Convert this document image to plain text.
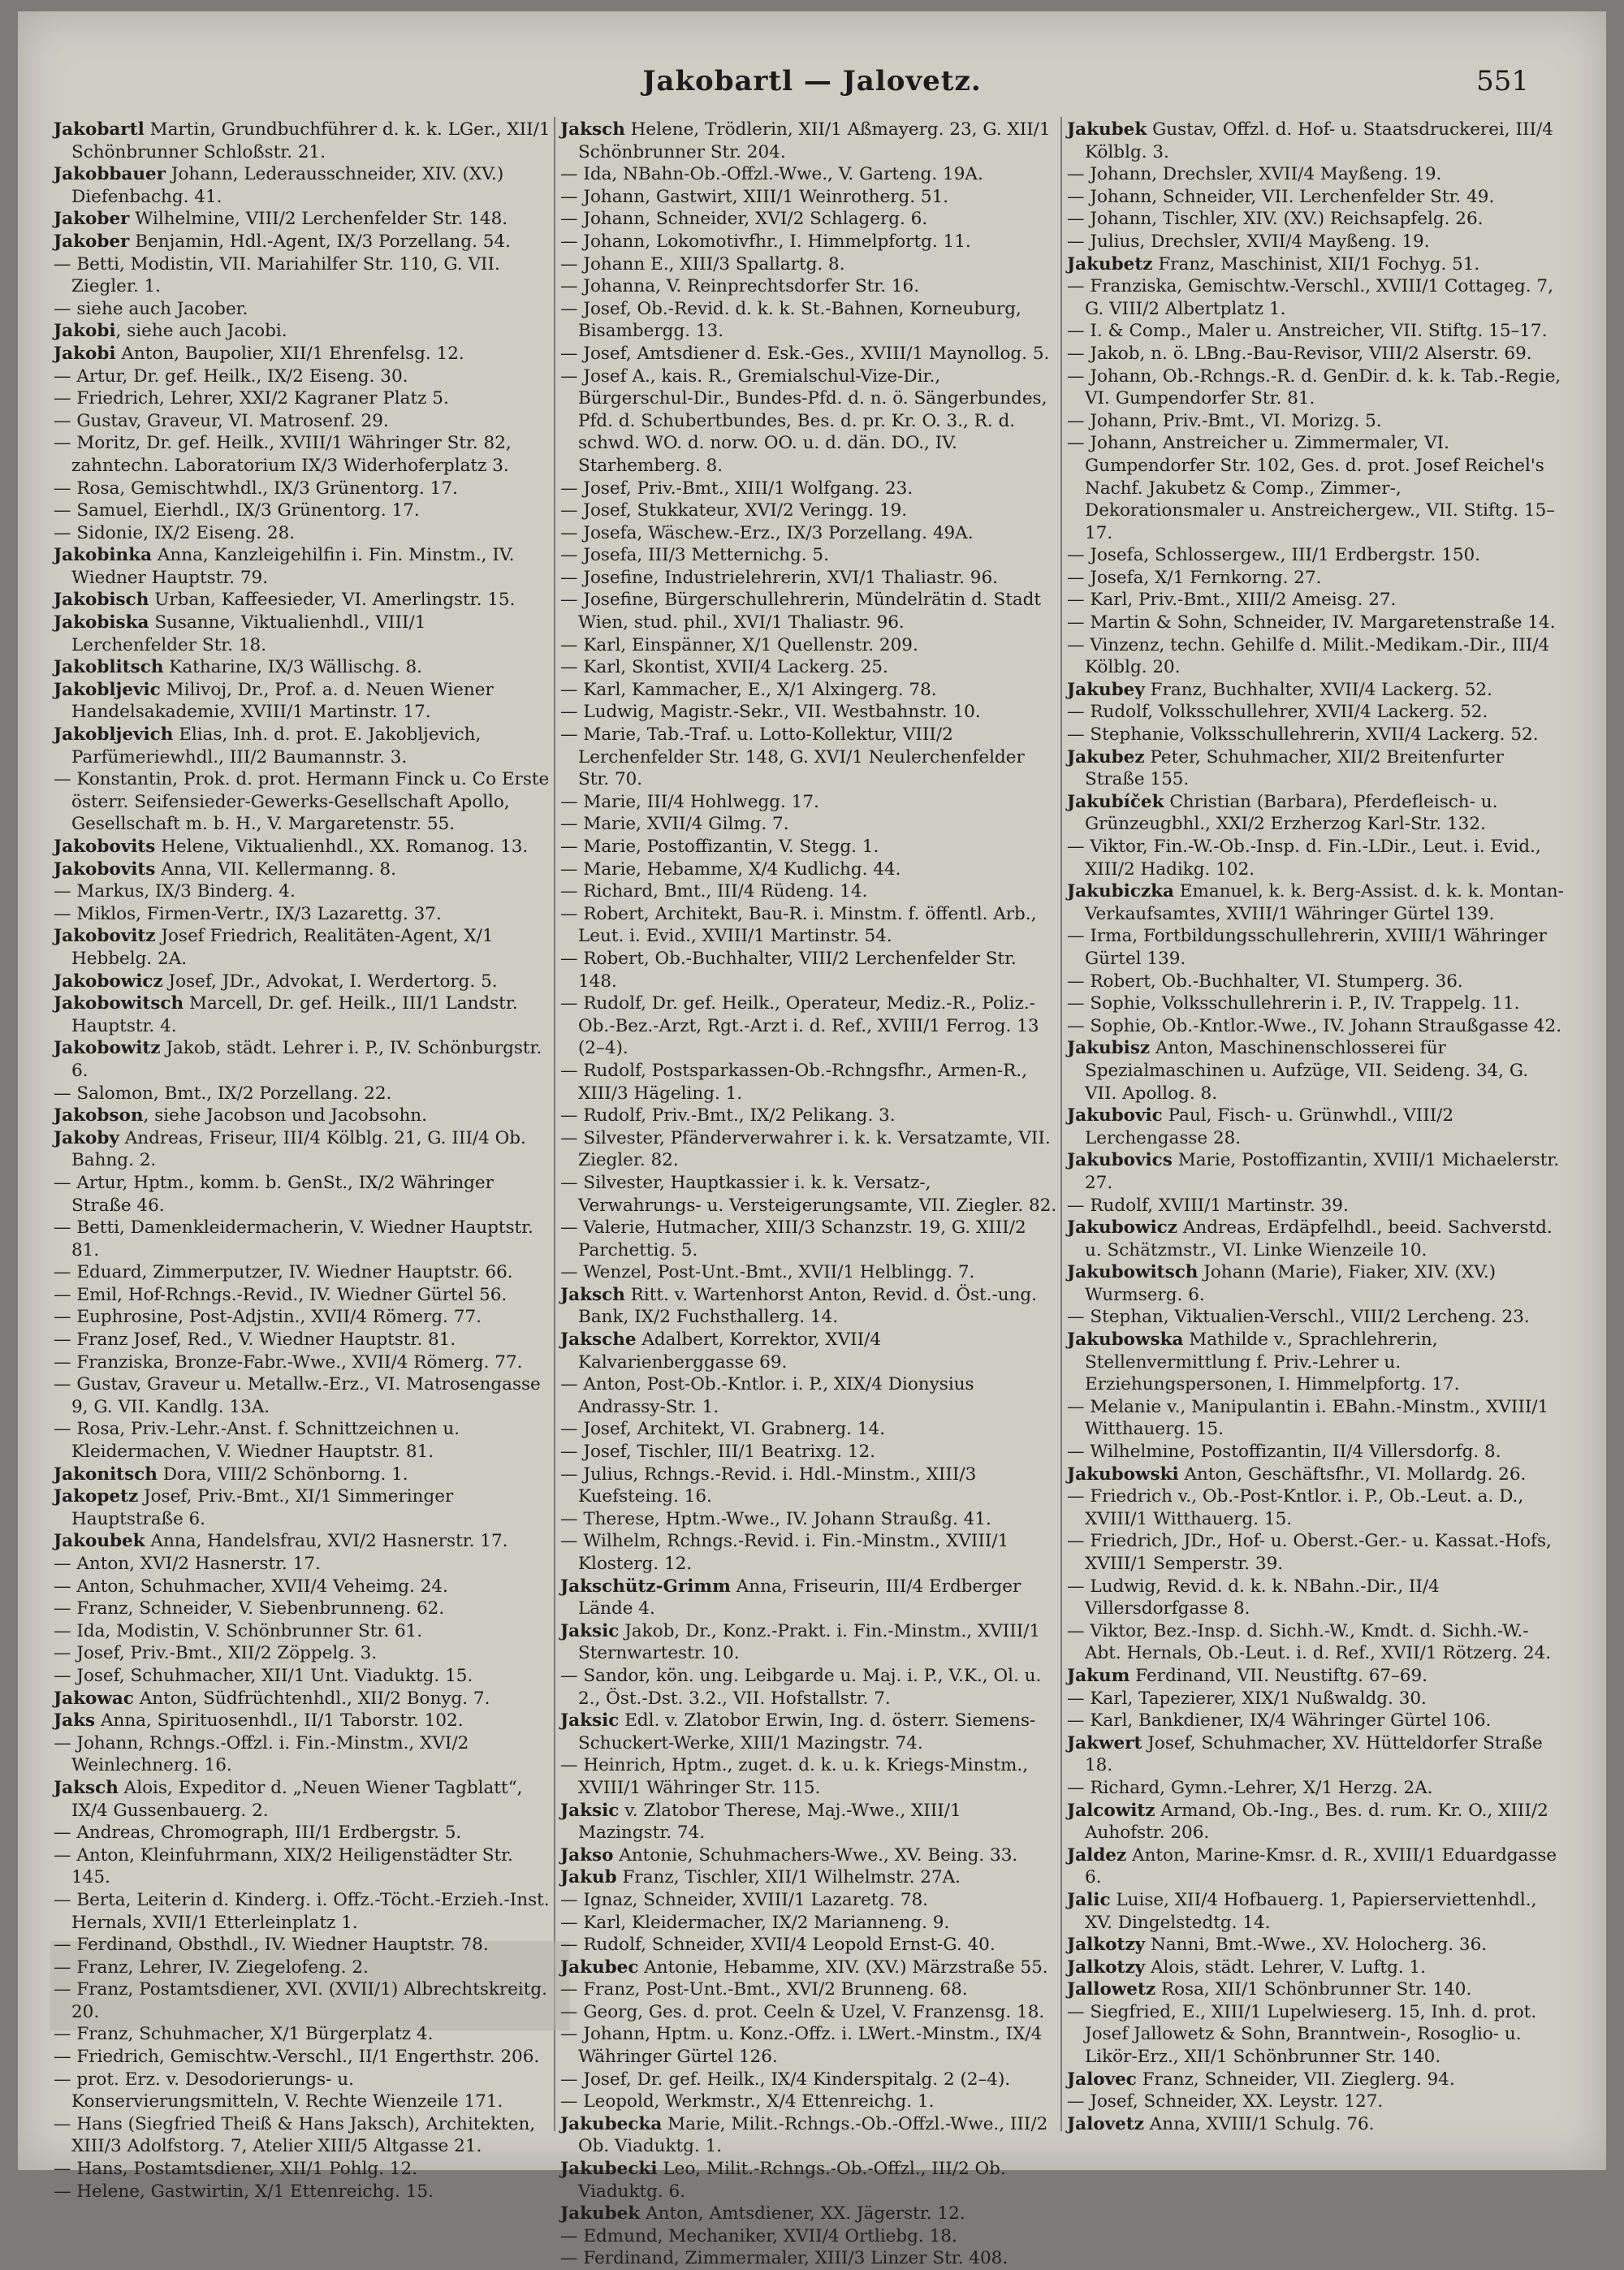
Jakobartl — Jalovetz.	551

Jakobartl Martin, Grundbuchführer d. k. k. LGer., XII/1 Schönbrunner Schloßstr. 21.

Jakobbauer Johann, Lederausschneider, XIV. (XV.) Diefenbachg. 41.

Jakober Wilhelmine, VIII/2 Lerchenfelder Str. 148.

Jakober Benjamin, Hdl.-Agent, IX/3 Porzellang. 54.

— Betti, Modistin, VII. Mariahilfer Str. 110, G. VII. Ziegler. 1.

— siehe auch Jacober.

Jakobi, siehe auch Jacobi.

Jakobi Anton, Baupolier, XII/1 Ehrenfelsg. 12.

— Artur, Dr. gef. Heilk., IX/2 Eiseng. 30.

— Friedrich, Lehrer, XXI/2 Kagraner Platz 5.

— Gustav, Graveur, VI. Matrosenf. 29.

— Moritz, Dr. gef. Heilk., XVIII/1 Währinger Str. 82, zahntechn. Laboratorium IX/3 Widerhoferplatz 3.

— Rosa, Gemischtwhdl., IX/3 Grünentorg. 17.

— Samuel, Eierhdl., IX/3 Grünentorg. 17.

— Sidonie, IX/2 Eiseng. 28.

Jakobinka Anna, Kanzleigehilfin i. Fin. Minstm., IV. Wiedner Hauptstr. 79.

Jakobisch Urban, Kaffeesieder, VI. Amerlingstr. 15.

Jakobiska Susanne, Viktualienhdl., VIII/1 Lerchenfelder Str. 18.

Jakoblitsch Katharine, IX/3 Wällischg. 8.

Jakobljevic Milivoj, Dr., Prof. a. d. Neuen Wiener Handelsakademie, XVIII/1 Martinstr. 17.

Jakobljevich Elias, Inh. d. prot. E. Jakobljevich, Parfümeriewhdl., III/2 Baumannstr. 3.

— Konstantin, Prok. d. prot. Hermann Finck u. Co Erste österr. Seifensieder-Gewerks-Gesellschaft Apollo, Gesellschaft m. b. H., V. Margaretenstr. 55.

Jakobovits Helene, Viktualienhdl., XX. Romanog. 13.

Jakobovits Anna, VII. Kellermanng. 8.

— Markus, IX/3 Binderg. 4.

— Miklos, Firmen-Vertr., IX/3 Lazarettg. 37.

Jakobovitz Josef Friedrich, Realitäten-Agent, X/1 Hebbelg. 2A.

Jakobowicz Josef, JDr., Advokat, I. Werdertorg. 5.

Jakobowitsch Marcell, Dr. gef. Heilk., III/1 Landstr. Hauptstr. 4.

Jakobowitz Jakob, städt. Lehrer i. P., IV. Schönburgstr. 6.

— Salomon, Bmt., IX/2 Porzellang. 22.

Jakobson, siehe Jacobson und Jacobsohn.

Jakoby Andreas, Friseur, III/4 Kölblg. 21, G. III/4 Ob. Bahng. 2.

— Artur, Hptm., komm. b. GenSt., IX/2 Währinger Straße 46.

— Betti, Damenkleidermacherin, V. Wiedner Hauptstr. 81.

— Eduard, Zimmerputzer, IV. Wiedner Hauptstr. 66.

— Emil, Hof-Rchngs.-Revid., IV. Wiedner Gürtel 56.

— Euphrosine, Post-Adjstin., XVII/4 Römerg. 77.

— Franz Josef, Red., V. Wiedner Hauptstr. 81.

— Franziska, Bronze-Fabr.-Wwe., XVII/4 Römerg. 77.

— Gustav, Graveur u. Metallw.-Erz., VI. Matrosengasse 9, G. VII. Kandlg. 13A.

— Rosa, Priv.-Lehr.-Anst. f. Schnittzeichnen u. Kleidermachen, V. Wiedner Hauptstr. 81.

Jakonitsch Dora, VIII/2 Schönborng. 1.

Jakopetz Josef, Priv.-Bmt., XI/1 Simmeringer Hauptstraße 6.

Jakoubek Anna, Handelsfrau, XVI/2 Hasnerstr. 17.

— Anton, XVI/2 Hasnerstr. 17.

— Anton, Schuhmacher, XVII/4 Veheimg. 24.

— Franz, Schneider, V. Siebenbrunneng. 62.

— Ida, Modistin, V. Schönbrunner Str. 61.

— Josef, Priv.-Bmt., XII/2 Zöppelg. 3.

— Josef, Schuhmacher, XII/1 Unt. Viaduktg. 15.

Jakowac Anton, Südfrüchtenhdl., XII/2 Bonyg. 7.

Jaks Anna, Spirituosenhdl., II/1 Taborstr. 102.

— Johann, Rchngs.-Offzl. i. Fin.-Minstm., XVI/2 Weinlechnerg. 16.

Jaksch Alois, Expeditor d. „Neuen Wiener Tagblatt“, IX/4 Gussenbauerg. 2.

— Andreas, Chromograph, III/1 Erdbergstr. 5.

— Anton, Kleinfuhrmann, XIX/2 Heiligenstädter Str. 145.

— Berta, Leiterin d. Kinderg. i. Offz.-Töcht.-Erzieh.-Inst. Hernals, XVII/1 Etterleinplatz 1.

— Ferdinand, Obsthdl., IV. Wiedner Hauptstr. 78.

— Franz, Lehrer, IV. Ziegelofeng. 2.

— Franz, Postamtsdiener, XVI. (XVII/1) Albrechtskreitg. 20.

— Franz, Schuhmacher, X/1 Bürgerplatz 4.

— Friedrich, Gemischtw.-Verschl., II/1 Engerthstr. 206.

— prot. Erz. v. Desodorierungs- u. Konservierungsmitteln, V. Rechte Wienzeile 171.

— Hans (Siegfried Theiß & Hans Jaksch), Architekten, XIII/3 Adolfstorg. 7, Atelier XIII/5 Altgasse 21.

— Hans, Postamtsdiener, XII/1 Pohlg. 12.

— Helene, Gastwirtin, X/1 Ettenreichg. 15.

Jaksch Helene, Trödlerin, XII/1 Aßmayerg. 23, G. XII/1 Schönbrunner Str. 204.

— Ida, NBahn-Ob.-Offzl.-Wwe., V. Garteng. 19A.

— Johann, Gastwirt, XIII/1 Weinrotherg. 51.

— Johann, Schneider, XVI/2 Schlagerg. 6.

— Johann, Lokomotivfhr., I. Himmelpfortg. 11.

— Johann E., XIII/3 Spallartg. 8.

— Johanna, V. Reinprechtsdorfer Str. 16.

— Josef, Ob.-Revid. d. k. k. St.-Bahnen, Korneuburg, Bisambergg. 13.

— Josef, Amtsdiener d. Esk.-Ges., XVIII/1 Maynollog. 5.

— Josef A., kais. R., Gremialschul-Vize-Dir., Bürgerschul-Dir., Bundes-Pfd. d. n. ö. Sängerbundes, Pfd. d. Schubertbundes, Bes. d. pr. Kr. O. 3., R. d. schwd. WO. d. norw. OO. u. d. dän. DO., IV. Starhemberg. 8.

— Josef, Priv.-Bmt., XIII/1 Wolfgang. 23.

— Josef, Stukkateur, XVI/2 Veringg. 19.

— Josefa, Wäschew.-Erz., IX/3 Porzellang. 49A.

— Josefa, III/3 Metternichg. 5.

— Josefine, Industrielehrerin, XVI/1 Thaliastr. 96.

— Josefine, Bürgerschullehrerin, Mündelrätin d. Stadt Wien, stud. phil., XVI/1 Thaliastr. 96.

— Karl, Einspänner, X/1 Quellenstr. 209.

— Karl, Skontist, XVII/4 Lackerg. 25.

— Karl, Kammacher, E., X/1 Alxingerg. 78.

— Ludwig, Magistr.-Sekr., VII. Westbahnstr. 10.

— Marie, Tab.-Traf. u. Lotto-Kollektur, VIII/2 Lerchenfelder Str. 148, G. XVI/1 Neulerchenfelder Str. 70.

— Marie, III/4 Hohlwegg. 17.

— Marie, XVII/4 Gilmg. 7.

— Marie, Postoffizantin, V. Stegg. 1.

— Marie, Hebamme, X/4 Kudlichg. 44.

— Richard, Bmt., III/4 Rüdeng. 14.

— Robert, Architekt, Bau-R. i. Minstm. f. öffentl. Arb., Leut. i. Evid., XVIII/1 Martinstr. 54.

— Robert, Ob.-Buchhalter, VIII/2 Lerchenfelder Str. 148.

— Rudolf, Dr. gef. Heilk., Operateur, Mediz.-R., Poliz.-Ob.-Bez.-Arzt, Rgt.-Arzt i. d. Ref., XVIII/1 Ferrog. 13 (2–4).

— Rudolf, Postsparkassen-Ob.-Rchngsfhr., Armen-R., XIII/3 Hägeling. 1.

— Rudolf, Priv.-Bmt., IX/2 Pelikang. 3.

— Silvester, Pfänderverwahrer i. k. k. Versatzamte, VII. Ziegler. 82.

— Silvester, Hauptkassier i. k. k. Versatz-, Verwahrungs- u. Versteigerungsamte, VII. Ziegler. 82.

— Valerie, Hutmacher, XIII/3 Schanzstr. 19, G. XIII/2 Parchettig. 5.

— Wenzel, Post-Unt.-Bmt., XVII/1 Helblingg. 7.

Jaksch Ritt. v. Wartenhorst Anton, Revid. d. Öst.-ung. Bank, IX/2 Fuchsthallerg. 14.

Jaksche Adalbert, Korrektor, XVII/4 Kalvarienberggasse 69.

— Anton, Post-Ob.-Kntlor. i. P., XIX/4 Dionysius Andrassy-Str. 1.

— Josef, Architekt, VI. Grabnerg. 14.

— Josef, Tischler, III/1 Beatrixg. 12.

— Julius, Rchngs.-Revid. i. Hdl.-Minstm., XIII/3 Kuefsteing. 16.

— Therese, Hptm.-Wwe., IV. Johann Straußg. 41.

— Wilhelm, Rchngs.-Revid. i. Fin.-Minstm., XVIII/1 Klosterg. 12.

Jakschütz-Grimm Anna, Friseurin, III/4 Erdberger Lände 4.

Jaksic Jakob, Dr., Konz.-Prakt. i. Fin.-Minstm., XVIII/1 Sternwartestr. 10.

— Sandor, kön. ung. Leibgarde u. Maj. i. P., V.K., Ol. u. 2., Öst.-Dst. 3.2., VII. Hofstallstr. 7.

Jaksic Edl. v. Zlatobor Erwin, Ing. d. österr. Siemens-Schuckert-Werke, XIII/1 Mazingstr. 74.

— Heinrich, Hptm., zuget. d. k. u. k. Kriegs-Minstm., XVIII/1 Währinger Str. 115.

Jaksic v. Zlatobor Therese, Maj.-Wwe., XIII/1 Mazingstr. 74.

Jakso Antonie, Schuhmachers-Wwe., XV. Being. 33.

Jakub Franz, Tischler, XII/1 Wilhelmstr. 27A.

— Ignaz, Schneider, XVIII/1 Lazaretg. 78.

— Karl, Kleidermacher, IX/2 Marianneng. 9.

— Rudolf, Schneider, XVII/4 Leopold Ernst-G. 40.

Jakubec Antonie, Hebamme, XIV. (XV.) Märzstraße 55.

— Franz, Post-Unt.-Bmt., XVI/2 Brunneng. 68.

— Georg, Ges. d. prot. Ceeln & Uzel, V. Franzensg. 18.

— Johann, Hptm. u. Konz.-Offz. i. LWert.-Minstm., IX/4 Währinger Gürtel 126.

— Josef, Dr. gef. Heilk., IX/4 Kinderspitalg. 2 (2–4).

— Leopold, Werkmstr., X/4 Ettenreichg. 1.

Jakubecka Marie, Milit.-Rchngs.-Ob.-Offzl.-Wwe., III/2 Ob. Viaduktg. 1.

Jakubecki Leo, Milit.-Rchngs.-Ob.-Offzl., III/2 Ob. Viaduktg. 6.

Jakubek Anton, Amtsdiener, XX. Jägerstr. 12.

— Edmund, Mechaniker, XVII/4 Ortliebg. 18.

— Ferdinand, Zimmermaler, XIII/3 Linzer Str. 408.

Jakubek Gustav, Offzl. d. Hof- u. Staatsdruckerei, III/4 Kölblg. 3.

— Johann, Drechsler, XVII/4 Mayßeng. 19.

— Johann, Schneider, VII. Lerchenfelder Str. 49.

— Johann, Tischler, XIV. (XV.) Reichsapfelg. 26.

— Julius, Drechsler, XVII/4 Mayßeng. 19.

Jakubetz Franz, Maschinist, XII/1 Fochyg. 51.

— Franziska, Gemischtw.-Verschl., XVIII/1 Cottageg. 7, G. VIII/2 Albertplatz 1.

— I. & Comp., Maler u. Anstreicher, VII. Stiftg. 15–17.

— Jakob, n. ö. LBng.-Bau-Revisor, VIII/2 Alserstr. 69.

— Johann, Ob.-Rchngs.-R. d. GenDir. d. k. k. Tab.-Regie, VI. Gumpendorfer Str. 81.

— Johann, Priv.-Bmt., VI. Morizg. 5.

— Johann, Anstreicher u. Zimmermaler, VI. Gumpendorfer Str. 102, Ges. d. prot. Josef Reichel's Nachf. Jakubetz & Comp., Zimmer-, Dekorationsmaler u. Anstreichergew., VII. Stiftg. 15–17.

— Josefa, Schlossergew., III/1 Erdbergstr. 150.

— Josefa, X/1 Fernkorng. 27.

— Karl, Priv.-Bmt., XIII/2 Ameisg. 27.

— Martin & Sohn, Schneider, IV. Margaretenstraße 14.

— Vinzenz, techn. Gehilfe d. Milit.-Medikam.-Dir., III/4 Kölblg. 20.

Jakubey Franz, Buchhalter, XVII/4 Lackerg. 52.

— Rudolf, Volksschullehrer, XVII/4 Lackerg. 52.

— Stephanie, Volksschullehrerin, XVII/4 Lackerg. 52.

Jakubez Peter, Schuhmacher, XII/2 Breitenfurter Straße 155.

Jakubíček Christian (Barbara), Pferdefleisch- u. Grünzeugbhl., XXI/2 Erzherzog Karl-Str. 132.

— Viktor, Fin.-W.-Ob.-Insp. d. Fin.-LDir., Leut. i. Evid., XIII/2 Hadikg. 102.

Jakubiczka Emanuel, k. k. Berg-Assist. d. k. k. Montan-Verkaufsamtes, XVIII/1 Währinger Gürtel 139.

— Irma, Fortbildungsschullehrerin, XVIII/1 Währinger Gürtel 139.

— Robert, Ob.-Buchhalter, VI. Stumperg. 36.

— Sophie, Volksschullehrerin i. P., IV. Trappelg. 11.

— Sophie, Ob.-Kntlor.-Wwe., IV. Johann Straußgasse 42.

Jakubisz Anton, Maschinenschlosserei für Spezialmaschinen u. Aufzüge, VII. Seideng. 34, G. VII. Apollog. 8.

Jakubovic Paul, Fisch- u. Grünwhdl., VIII/2 Lerchengasse 28.

Jakubovics Marie, Postoffizantin, XVIII/1 Michaelerstr. 27.

— Rudolf, XVIII/1 Martinstr. 39.

Jakubowicz Andreas, Erdäpfelhdl., beeid. Sachverstd. u. Schätzmstr., VI. Linke Wienzeile 10.

Jakubowitsch Johann (Marie), Fiaker, XIV. (XV.) Wurmserg. 6.

— Stephan, Viktualien-Verschl., VIII/2 Lercheng. 23.

Jakubowska Mathilde v., Sprachlehrerin, Stellenvermittlung f. Priv.-Lehrer u. Erziehungspersonen, I. Himmelpfortg. 17.

— Melanie v., Manipulantin i. EBahn.-Minstm., XVIII/1 Witthauerg. 15.

— Wilhelmine, Postoffizantin, II/4 Villersdorfg. 8.

Jakubowski Anton, Geschäftsfhr., VI. Mollardg. 26.

— Friedrich v., Ob.-Post-Kntlor. i. P., Ob.-Leut. a. D., XVIII/1 Witthauerg. 15.

— Friedrich, JDr., Hof- u. Oberst.-Ger.- u. Kassat.-Hofs, XVIII/1 Semperstr. 39.

— Ludwig, Revid. d. k. k. NBahn.-Dir., II/4 Villersdorfgasse 8.

— Viktor, Bez.-Insp. d. Sichh.-W., Kmdt. d. Sichh.-W.-Abt. Hernals, Ob.-Leut. i. d. Ref., XVII/1 Rötzerg. 24.

Jakum Ferdinand, VII. Neustiftg. 67–69.

— Karl, Tapezierer, XIX/1 Nußwaldg. 30.

— Karl, Bankdiener, IX/4 Währinger Gürtel 106.

Jakwert Josef, Schuhmacher, XV. Hütteldorfer Straße 18.

— Richard, Gymn.-Lehrer, X/1 Herzg. 2A.

Jalcowitz Armand, Ob.-Ing., Bes. d. rum. Kr. O., XIII/2 Auhofstr. 206.

Jaldez Anton, Marine-Kmsr. d. R., XVIII/1 Eduardgasse 6.

Jalic Luise, XII/4 Hofbauerg. 1, Papierserviettenhdl., XV. Dingelstedtg. 14.

Jalkotzy Nanni, Bmt.-Wwe., XV. Holocherg. 36.

Jalkotzy Alois, städt. Lehrer, V. Luftg. 1.

Jallowetz Rosa, XII/1 Schönbrunner Str. 140.

— Siegfried, E., XIII/1 Lupelwieserg. 15, Inh. d. prot. Josef Jallowetz & Sohn, Branntwein-, Rosoglio- u. Likör-Erz., XII/1 Schönbrunner Str. 140.

Jalovec Franz, Schneider, VII. Zieglerg. 94.

— Josef, Schneider, XX. Leystr. 127.

Jalovetz Anna, XVIII/1 Schulg. 76.
